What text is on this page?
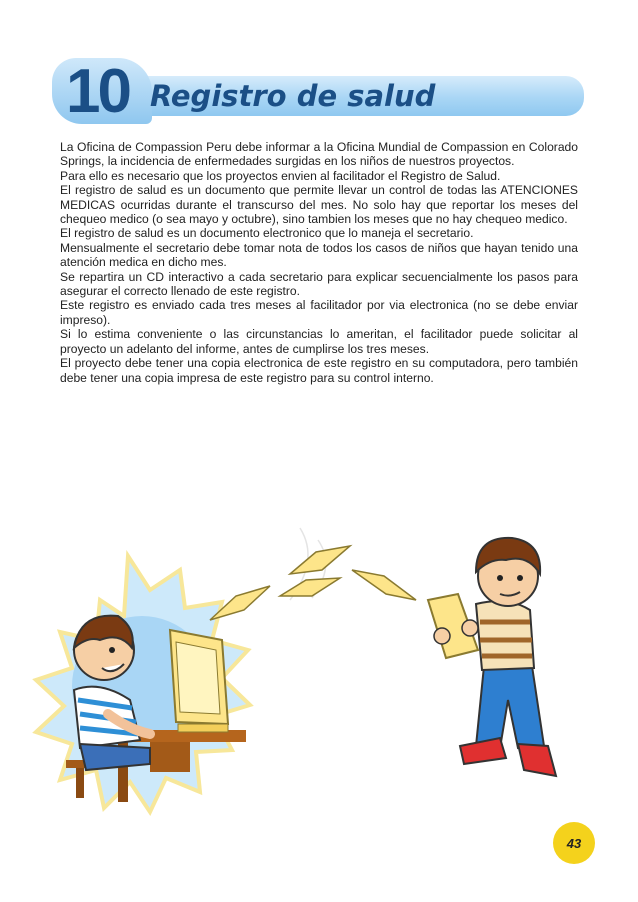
10 Registro de salud

La Oficina de Compassion Peru debe informar a la Oficina Mundial de Compassion en Colorado Springs, la incidencia de enfermedades surgidas en los niños de nuestros proyectos.

Para ello es necesario que los proyectos envien al facilitador el Registro de Salud.

El registro de salud es un documento que permite llevar un control de todas las ATENCIONES MEDICAS ocurridas durante el transcurso del mes. No solo hay que reportar los meses del chequeo medico (o sea mayo y octubre), sino tambien los meses que no hay chequeo medico.

El registro de salud es un documento electronico que lo maneja el secretario.

Mensualmente el secretario debe tomar nota de todos los casos de niños que hayan tenido una atención medica en dicho mes.

Se repartira un CD interactivo a cada secretario para explicar secuencialmente los pasos para asegurar el correcto llenado de este registro.

Este registro es enviado cada tres meses al facilitador por via electronica (no se debe enviar impreso).

Si lo estima conveniente o las circunstancias lo ameritan, el facilitador puede solicitar al proyecto un adelanto del informe, antes de cumplirse los tres meses.

El proyecto debe tener una copia electronica de este registro en su computadora, pero también debe tener una copia impresa de este registro para su control interno.

43
